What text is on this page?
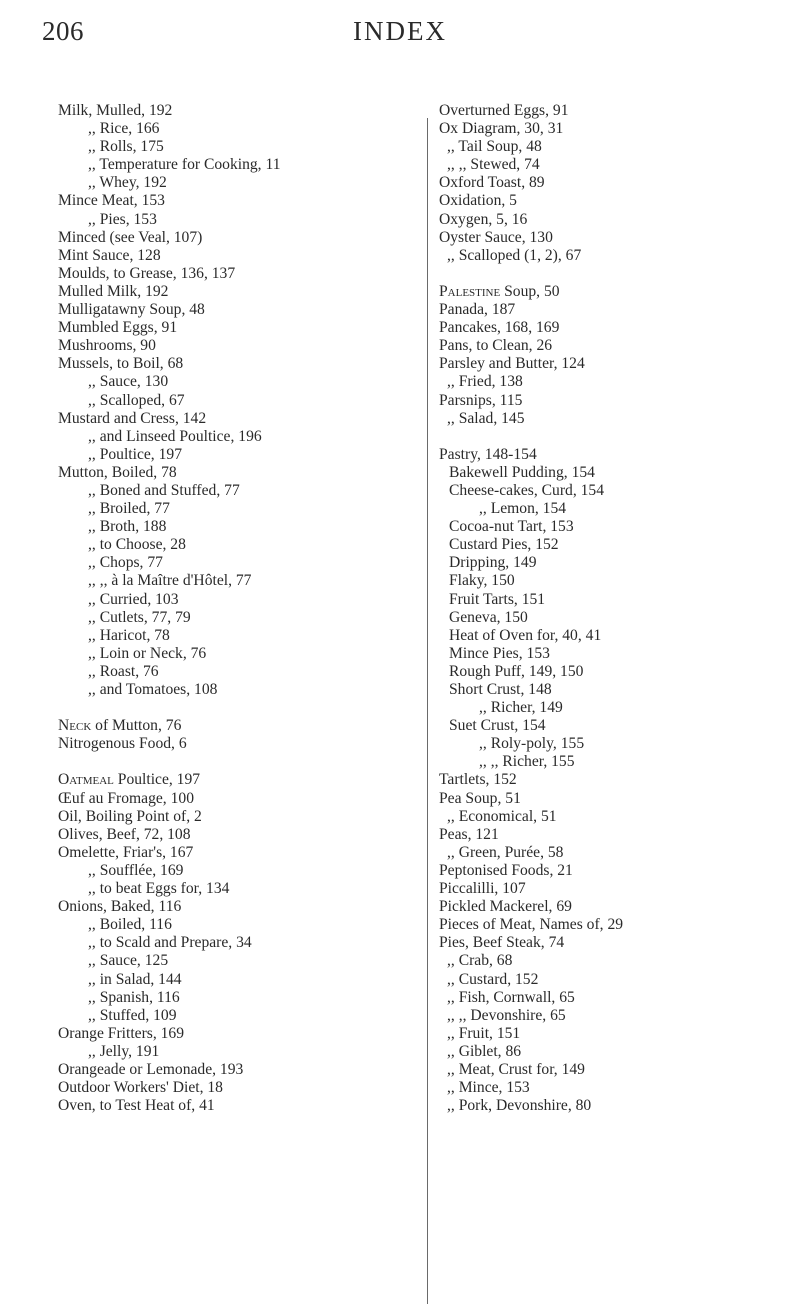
206	INDEX
Milk, Mulled, 192
,, Rice, 166
,, Rolls, 175
,, Temperature for Cooking, 11
,, Whey, 192
Mince Meat, 153
,, Pies, 153
Minced (see Veal, 107)
Mint Sauce, 128
Moulds, to Grease, 136, 137
Mulled Milk, 192
Mulligatawny Soup, 48
Mumbled Eggs, 91
Mushrooms, 90
Mussels, to Boil, 68
,, Sauce, 130
,, Scalloped, 67
Mustard and Cress, 142
,, and Linseed Poultice, 196
,, Poultice, 197
Mutton, Boiled, 78
,, Boned and Stuffed, 77
,, Broiled, 77
,, Broth, 188
,, to Choose, 28
,, Chops, 77
,, ,, à la Maître d'Hôtel, 77
,, Curried, 103
,, Cutlets, 77, 79
,, Haricot, 78
,, Loin or Neck, 76
,, Roast, 76
,, and Tomatoes, 108
Neck of Mutton, 76
Nitrogenous Food, 6
Oatmeal Poultice, 197
Œuf au Fromage, 100
Oil, Boiling Point of, 2
Olives, Beef, 72, 108
Omelette, Friar's, 167
,, Soufflée, 169
,, to beat Eggs for, 134
Onions, Baked, 116
,, Boiled, 116
,, to Scald and Prepare, 34
,, Sauce, 125
,, in Salad, 144
,, Spanish, 116
,, Stuffed, 109
Orange Fritters, 169
,, Jelly, 191
Orangeade or Lemonade, 193
Outdoor Workers' Diet, 18
Oven, to Test Heat of, 41
Overturned Eggs, 91
Ox Diagram, 30, 31
,, Tail Soup, 48
,, ,, Stewed, 74
Oxford Toast, 89
Oxidation, 5
Oxygen, 5, 16
Oyster Sauce, 130
,, Scalloped (1, 2), 67
Palestine Soup, 50
Panada, 187
Pancakes, 168, 169
Pans, to Clean, 26
Parsley and Butter, 124
,, Fried, 138
Parsnips, 115
,, Salad, 145
Pastry, 148-154
Bakewell Pudding, 154
Cheese-cakes, Curd, 154
,, Lemon, 154
Cocoa-nut Tart, 153
Custard Pies, 152
Dripping, 149
Flaky, 150
Fruit Tarts, 151
Geneva, 150
Heat of Oven for, 40, 41
Mince Pies, 153
Rough Puff, 149, 150
Short Crust, 148
,, Richer, 149
Suet Crust, 154
,, Roly-poly, 155
,, ,, Richer, 155
Tartlets, 152
Pea Soup, 51
,, Economical, 51
Peas, 121
,, Green, Purée, 58
Peptonised Foods, 21
Piccalilli, 107
Pickled Mackerel, 69
Pieces of Meat, Names of, 29
Pies, Beef Steak, 74
,, Crab, 68
,, Custard, 152
,, Fish, Cornwall, 65
,, ,, Devonshire, 65
,, Fruit, 151
,, Giblet, 86
,, Meat, Crust for, 149
,, Mince, 153
,, Pork, Devonshire, 80
